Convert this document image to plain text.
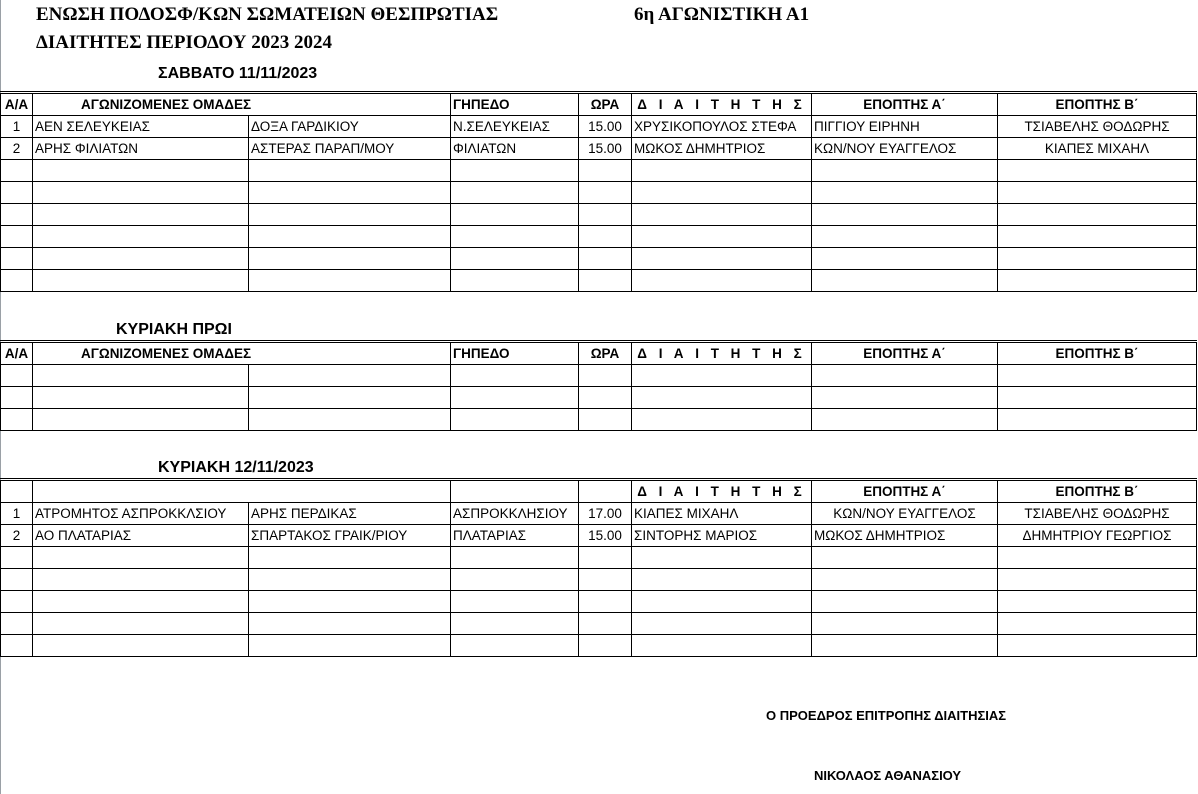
ΕΝΩΣΗ ΠΟΔΟΣΦ/ΚΩΝ ΣΩΜΑΤΕΙΩΝ ΘΕΣΠΡΩΤΙΑΣ	6η ΑΓΩΝΙΣΤΙΚΗ Α1
ΔΙΑΙΤΗΤΕΣ ΠΕΡΙΟΔΟΥ 2023 2024
ΣΑΒΒΑΤΟ 11/11/2023
Α/Α	ΑΓΩΝΙΖΟΜΕΝΕΣ ΟΜΑΔΕΣ		ΓΗΠΕΔΟ	ΩΡΑ	Δ Ι Α Ι Τ Η Τ Η Σ	ΕΠΟΠΤΗΣ Α΄	ΕΠΟΠΤΗΣ Β΄
1	ΑΕΝ ΣΕΛΕΥΚΕΙΑΣ	ΔΟΞΑ ΓΑΡΔΙΚΙΟΥ	Ν.ΣΕΛΕΥΚΕΙΑΣ	15.00	ΧΡΥΣΙΚΟΠΟΥΛΟΣ ΣΤΕΦΑ	ΠΙΓΓΙΟΥ ΕΙΡΗΝΗ	ΤΣΙΑΒΕΛΗΣ ΘΟΔΩΡΗΣ
2	ΑΡΗΣ ΦΙΛΙΑΤΩΝ	ΑΣΤΕΡΑΣ ΠΑΡΑΠ/ΜΟΥ	ΦΙΛΙΑΤΩΝ	15.00	ΜΩΚΟΣ ΔΗΜΗΤΡΙΟΣ	ΚΩΝ/ΝΟΥ ΕΥΑΓΓΕΛΟΣ	ΚΙΑΠΕΣ ΜΙΧΑΗΛ

ΚΥΡΙΑΚΗ ΠΡΩΙ
Α/Α	ΑΓΩΝΙΖΟΜΕΝΕΣ ΟΜΑΔΕΣ		ΓΗΠΕΔΟ	ΩΡΑ	Δ Ι Α Ι Τ Η Τ Η Σ	ΕΠΟΠΤΗΣ Α΄	ΕΠΟΠΤΗΣ Β΄

ΚΥΡΙΑΚΗ 12/11/2023
					Δ Ι Α Ι Τ Η Τ Η Σ	ΕΠΟΠΤΗΣ Α΄	ΕΠΟΠΤΗΣ Β΄
1	ΑΤΡΟΜΗΤΟΣ ΑΣΠΡΟΚΚΛΣΙΟΥ	ΑΡΗΣ ΠΕΡΔΙΚΑΣ	ΑΣΠΡΟΚΚΛΗΣΙΟΥ	17.00	ΚΙΑΠΕΣ ΜΙΧΑΗΛ	ΚΩΝ/ΝΟΥ ΕΥΑΓΓΕΛΟΣ	ΤΣΙΑΒΕΛΗΣ ΘΟΔΩΡΗΣ
2	ΑΟ ΠΛΑΤΑΡΙΑΣ	ΣΠΑΡΤΑΚΟΣ ΓΡΑΙΚ/ΡΙΟΥ	ΠΛΑΤΑΡΙΑΣ	15.00	ΣΙΝΤΟΡΗΣ ΜΑΡΙΟΣ	ΜΩΚΟΣ ΔΗΜΗΤΡΙΟΣ	ΔΗΜΗΤΡΙΟΥ ΓΕΩΡΓΙΟΣ

Ο ΠΡΟΕΔΡΟΣ ΕΠΙΤΡΟΠΗΣ ΔΙΑΙΤΗΣΙΑΣ
ΝΙΚΟΛΑΟΣ ΑΘΑΝΑΣΙΟΥ
